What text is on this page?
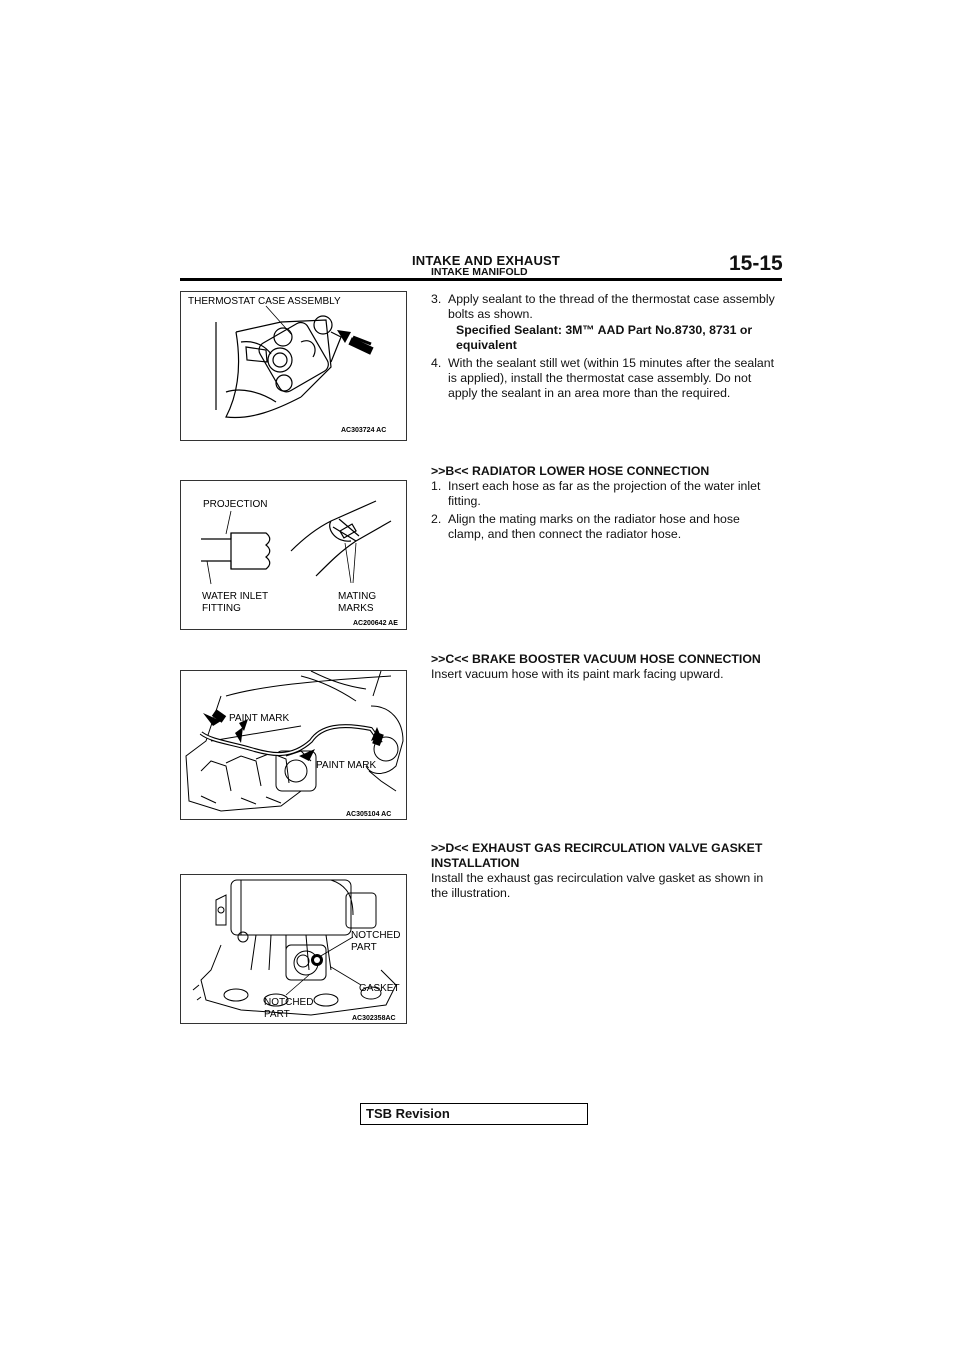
INTAKE AND EXHAUST
INTAKE MANIFOLD	15-15
THERMOSTAT CASE ASSEMBLY
AC303724 AC
3. Apply sealant to the thread of the thermostat case assembly
bolts as shown.
Specified Sealant: 3M™ AAD Part No.8730, 8731 or
equivalent
4. With the sealant still wet (within 15 minutes after the sealant
is applied), install the thermostat case assembly. Do not
apply the sealant in an area more than the required.
PROJECTION
WATER INLET FITTING
MATING MARKS
AC200642 AE
>>B<< RADIATOR LOWER HOSE CONNECTION
1. Insert each hose as far as the projection of the water inlet
fitting.
2. Align the mating marks on the radiator hose and hose
clamp, and then connect the radiator hose.
PAINT MARK
PAINT MARK
AC305104 AC
>>C<< BRAKE BOOSTER VACUUM HOSE CONNECTION
Insert vacuum hose with its paint mark facing upward.
NOTCHED PART
GASKET
NOTCHED PART	AC302358AC
>>D<< EXHAUST GAS RECIRCULATION VALVE GASKET
INSTALLATION
Install the exhaust gas recirculation valve gasket as shown in
the illustration.
TSB Revision
